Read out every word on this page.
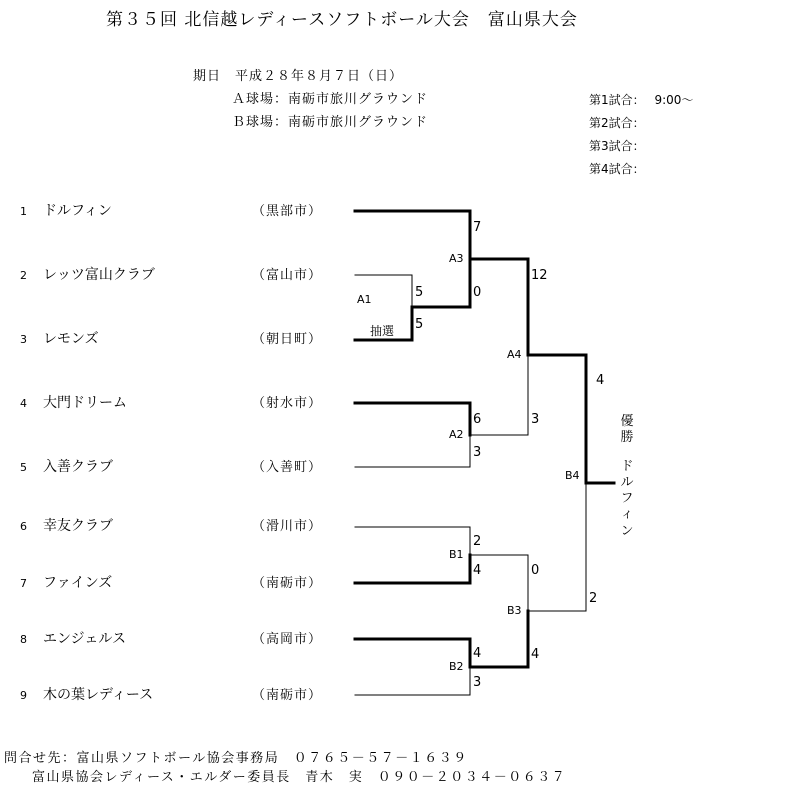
第３５回 北信越レディースソフトボール大会　富山県大会
期日　平成２８年８月７日（日）
Ａ球場：南砺市旅川グラウンド
Ｂ球場：南砺市旅川グラウンド
第1試合： 9:00～
第2試合：
第3試合：
第4試合：
1 ドルフィン	（黒部市）
2 レッツ富山クラブ	（富山市）
3 レモンズ	（朝日町）
4 大門ドリーム	（射水市）
5 入善クラブ	（入善町）
6 幸友クラブ	（滑川市）
7 ファインズ	（南砺市）
8 エンジェルス	（高岡市）
9 木の葉レディース	（南砺市）
A1
抽選
A3
A2
A4
B1
B2
B3
B4
5
5
7
0
6
3
12
3
2
4
4
3
0
4
4
2
優
勝
ド
ル
フ
ィ
ン
問合せ先：富山県ソフトボール協会事務局　０７６５－５７－１６３９
富山県協会レディース・エルダー委員長　青木　実　０９０－２０３４－０６３７
